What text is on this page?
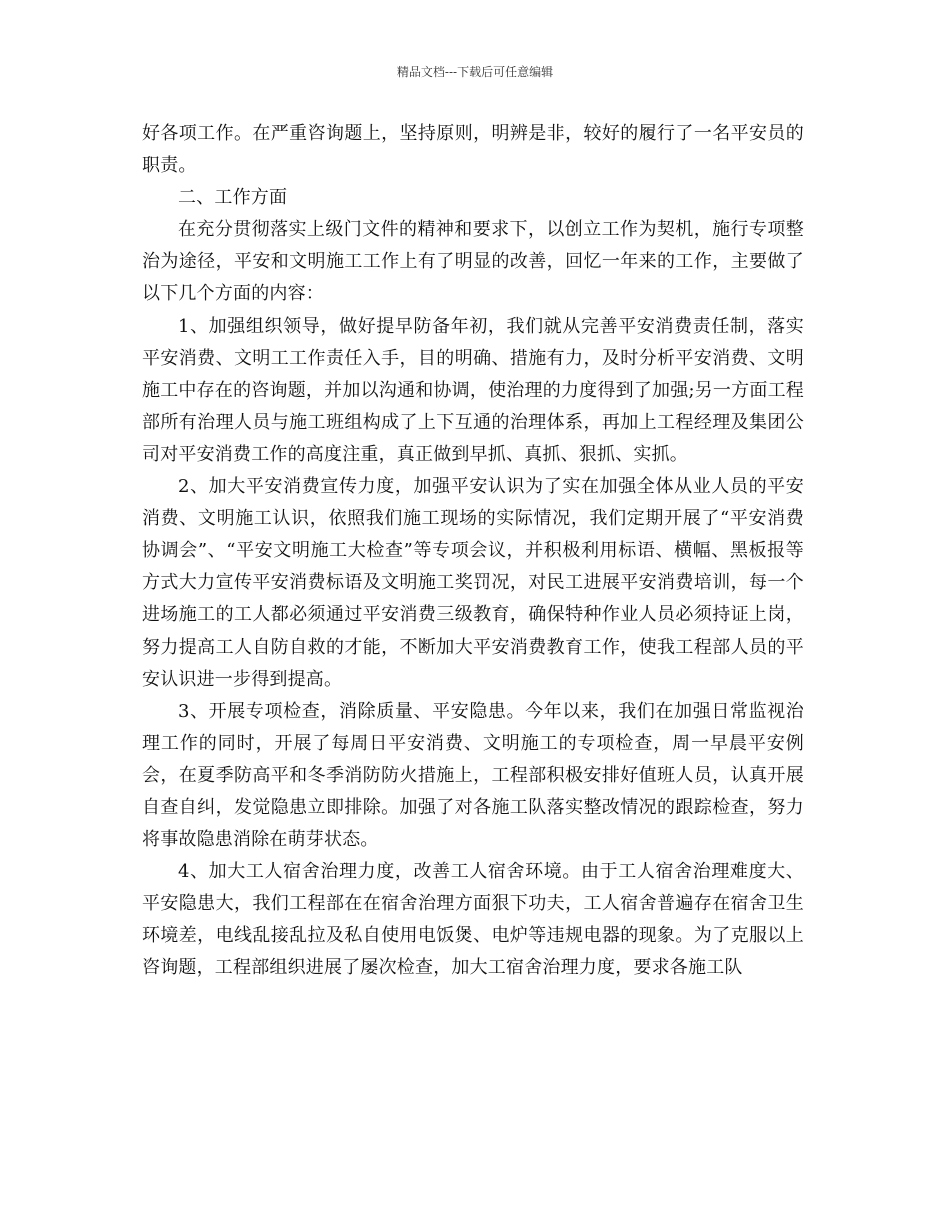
精品文档---下载后可任意编辑

好各项工作。在严重咨询题上，坚持原则，明辨是非，较好的履行了一名平安员的职责。

二、工作方面

在充分贯彻落实上级门文件的精神和要求下，以创立工作为契机，施行专项整治为途径，平安和文明施工工作上有了明显的改善，回忆一年来的工作，主要做了以下几个方面的内容：

1、加强组织领导，做好提早防备年初，我们就从完善平安消费责任制，落实平安消费、文明工工作责任入手，目的明确、措施有力，及时分析平安消费、文明施工中存在的咨询题，并加以沟通和协调，使治理的力度得到了加强;另一方面工程部所有治理人员与施工班组构成了上下互通的治理体系，再加上工程经理及集团公司对平安消费工作的高度注重，真正做到早抓、真抓、狠抓、实抓。

2、加大平安消费宣传力度，加强平安认识为了实在加强全体从业人员的平安消费、文明施工认识，依照我们施工现场的实际情况，我们定期开展了“平安消费协调会”、“平安文明施工大检查”等专项会议，并积极利用标语、横幅、黑板报等方式大力宣传平安消费标语及文明施工奖罚况，对民工进展平安消费培训，每一个进场施工的工人都必须通过平安消费三级教育，确保特种作业人员必须持证上岗，努力提高工人自防自救的才能，不断加大平安消费教育工作，使我工程部人员的平安认识进一步得到提高。

3、开展专项检查，消除质量、平安隐患。今年以来，我们在加强日常监视治理工作的同时，开展了每周日平安消费、文明施工的专项检查，周一早晨平安例会，在夏季防高平和冬季消防防火措施上，工程部积极安排好值班人员，认真开展自查自纠，发觉隐患立即排除。加强了对各施工队落实整改情况的跟踪检查，努力将事故隐患消除在萌芽状态。

4、加大工人宿舍治理力度，改善工人宿舍环境。由于工人宿舍治理难度大、平安隐患大，我们工程部在在宿舍治理方面狠下功夫，工人宿舍普遍存在宿舍卫生环境差，电线乱接乱拉及私自使用电饭煲、电炉等违规电器的现象。为了克服以上咨询题，工程部组织进展了屡次检查，加大工宿舍治理力度，要求各施工队
